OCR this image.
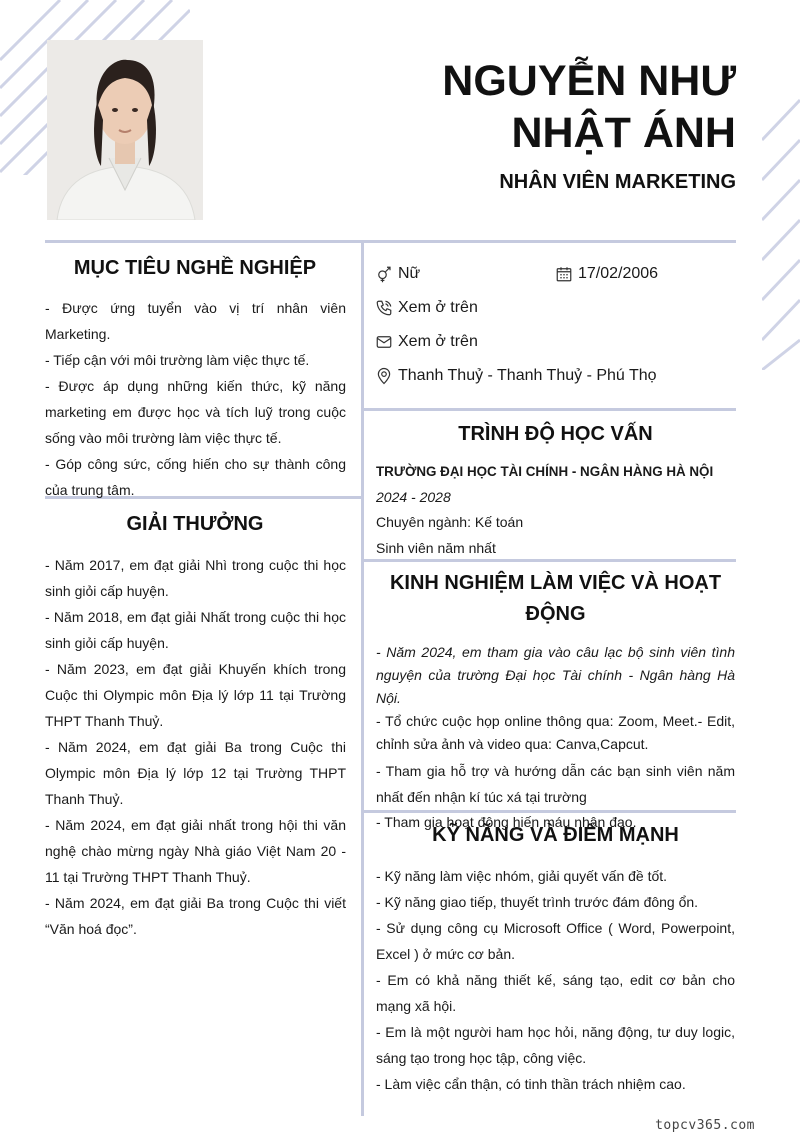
NGUYỄN NHƯ
NHẬT ÁNH
NHÂN VIÊN MARKETING
MỤC TIÊU NGHỀ NGHIỆP

- Được ứng tuyển vào vị trí nhân viên Marketing.

- Tiếp cận với môi trường làm việc thực tế.

- Được áp dụng những kiến thức, kỹ năng marketing em được học và tích luỹ trong cuộc sống vào môi trường làm việc thực tế.

- Góp công sức, cống hiến cho sự thành công của trung tâm.

GIẢI THƯỞNG

- Năm 2017, em đạt giải Nhì trong cuộc thi học sinh giỏi cấp huyện.

- Năm 2018, em đạt giải Nhất trong cuộc thi học sinh giỏi cấp huyện.

- Năm 2023, em đạt giải Khuyến khích trong Cuộc thi Olympic môn Địa lý lớp 11 tại Trường THPT Thanh Thuỷ.

- Năm 2024, em đạt giải Ba trong Cuộc thi Olympic môn Địa lý lớp 12 tại Trường THPT Thanh Thuỷ.

- Năm 2024, em đạt giải nhất trong hội thi văn nghệ chào mừng ngày Nhà giáo Việt Nam 20 - 11 tại Trường THPT Thanh Thuỷ.

- Năm 2024, em đạt giải Ba trong Cuộc thi viết “Văn hoá đọc”.

Nữ	17/02/2006
Xem ở trên
Xem ở trên
Thanh Thuỷ - Thanh Thuỷ - Phú Thọ
TRÌNH ĐỘ HỌC VẤN
TRƯỜNG ĐẠI HỌC TÀI CHÍNH - NGÂN HÀNG HÀ NỘI
2024 - 2028
Chuyên ngành: Kế toán
Sinh viên năm nhất
KINH NGHIỆM LÀM VIỆC VÀ HOẠT
ĐỘNG

- Năm 2024, em tham gia vào câu lạc bộ sinh viên tình nguyện của trường Đại học Tài chính - Ngân hàng Hà Nội.

- Tổ chức cuộc họp online thông qua: Zoom, Meet.- Edit, chỉnh sửa ảnh và video qua: Canva,Capcut.

- Tham gia hỗ trợ và hướng dẫn các bạn sinh viên năm nhất đến nhận kí túc xá tại trường

- Tham gia hoạt động hiến máu nhân đạo.

KỸ NĂNG VÀ ĐIỂM MẠNH

- Kỹ năng làm việc nhóm, giải quyết vấn đề tốt.

- Kỹ năng giao tiếp, thuyết trình trước đám đông ổn.

- Sử dụng công cụ Microsoft Office ( Word, Powerpoint, Excel ) ở mức cơ bản.

- Em có khả năng thiết kế, sáng tạo, edit cơ bản cho mạng xã hội.

- Em là một người ham học hỏi, năng động, tư duy logic, sáng tạo trong học tập, công việc.

- Làm việc cẩn thận, có tinh thần trách nhiệm cao.

topcv365.com
